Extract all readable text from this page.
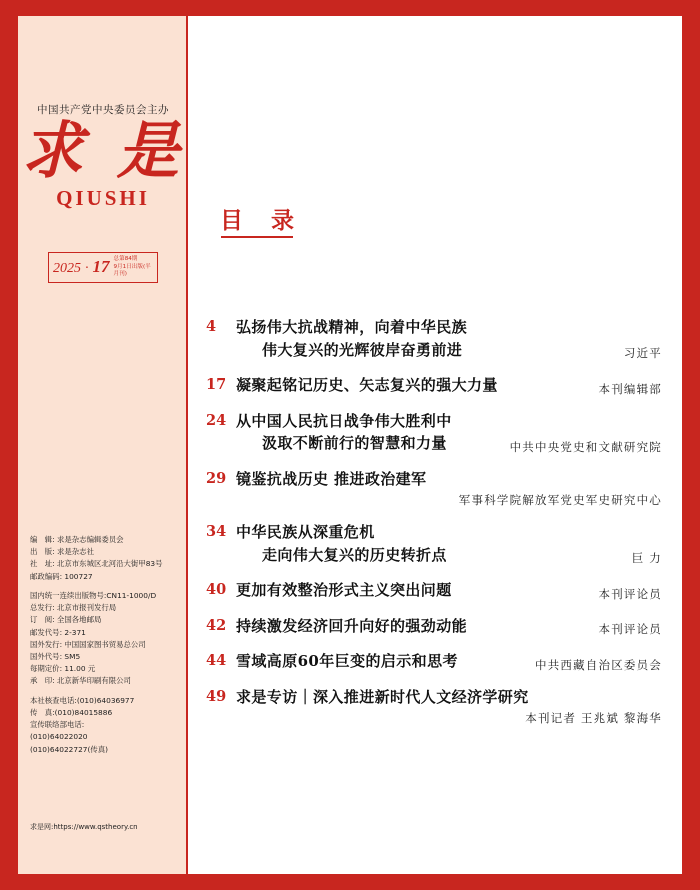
中国共产党中央委员会主办
求 是
QIUSHI
2025 · 17 总第84期
9月1日出版(半月刊)
编　辑: 求是杂志编辑委员会
出　版: 求是杂志社
社　址: 北京市东城区北河沿大街甲83号
邮政编码: 100727
国内统一连续出版物号:CN11-1000/D
总发行: 北京市报刊发行局
订　阅: 全国各地邮局
邮发代号: 2-371
国外发行: 中国国家图书贸易总公司
国外代号: SM5
每期定价: 11.00 元
承　印: 北京新华印刷有限公司
本社核查电话:(010)64036977
传　真:(010)84015886
宣传联络部电话:
(010)64022020
(010)64022727(传真)
求是网:https://www.qstheory.cn
目 录
4	弘扬伟大抗战精神，向着中华民族
伟大复兴的光辉彼岸奋勇前进	习近平
17 凝聚起铭记历史、矢志复兴的强大力量	本刊编辑部
24 从中国人民抗日战争伟大胜利中
汲取不断前行的智慧和力量	中共中央党史和文献研究院
29 镜鉴抗战历史 推进政治建军
军事科学院解放军党史军史研究中心
34 中华民族从深重危机
走向伟大复兴的历史转折点	巨 力
40 更加有效整治形式主义突出问题	本刊评论员
42 持续激发经济回升向好的强劲动能	本刊评论员
44 雪域高原60年巨变的启示和思考	中共西藏自治区委员会
49 求是专访｜深入推进新时代人文经济学研究
本刊记者 王兆斌 黎海华
